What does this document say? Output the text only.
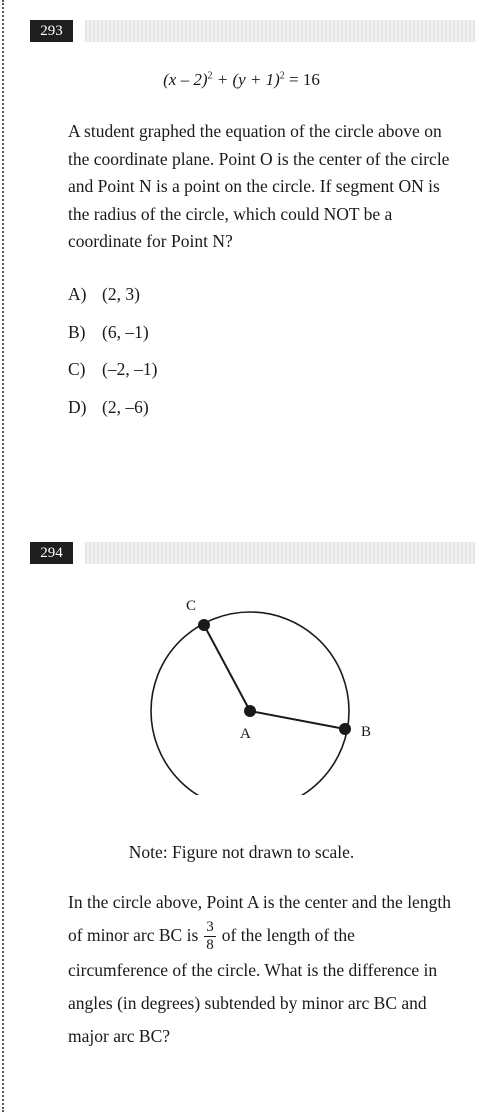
293
$(x - 2)^2 + (y + 1)^2 = 16$
A student graphed the equation of the circle above on the coordinate plane. Point O is the center of the circle and Point N is a point on the circle. If segment ON is the radius of the circle, which could NOT be a coordinate for Point N?
A) (2, 3)
B) (6, –1)
C) (–2, –1)
D) (2, –6)
294
A	B
C
Note: Figure not drawn to scale.
In the circle above, Point A is the center and the length of minor arc BC is $\frac{3}{8}$ of the length of the circumference of the circle. What is the difference in angles (in degrees) subtended by minor arc BC and major arc BC?
